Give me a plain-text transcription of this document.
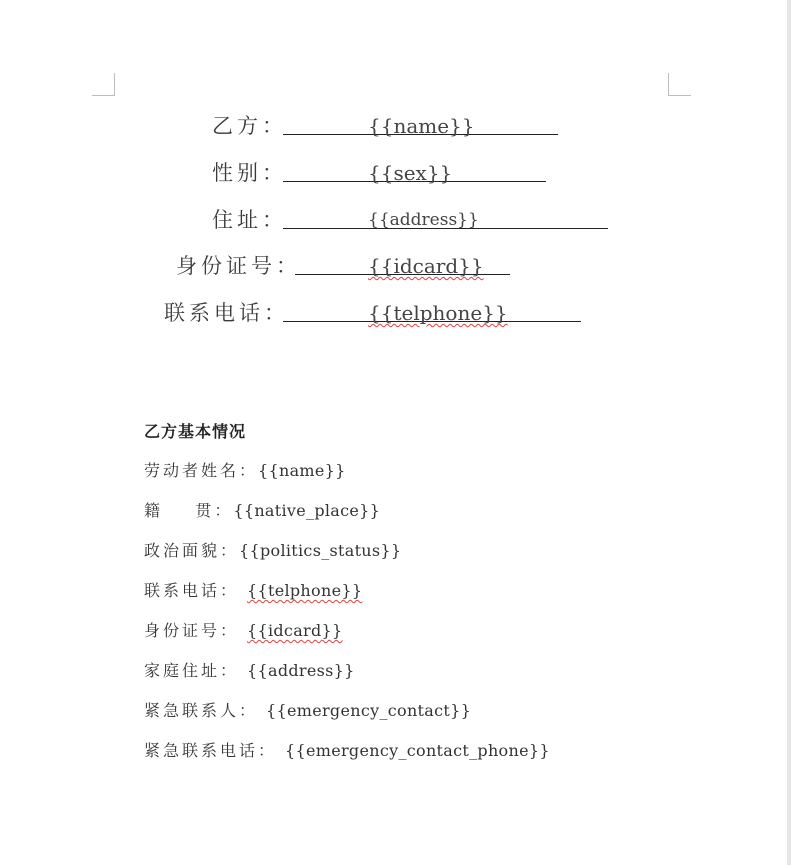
乙方：	{{name}}
性别：	{{sex}}
住址：	{{address}}
身份证号：	{{idcard}}
联系电话：	{{telphone}}
乙方基本情况
劳动者姓名：{{name}}
籍    贯：{{native_place}}
政治面貌：{{politics_status}}
联系电话： {{telphone}}
身份证号： {{idcard}}
家庭住址： {{address}}
紧急联系人： {{emergency_contact}}
紧急联系电话： {{emergency_contact_phone}}
